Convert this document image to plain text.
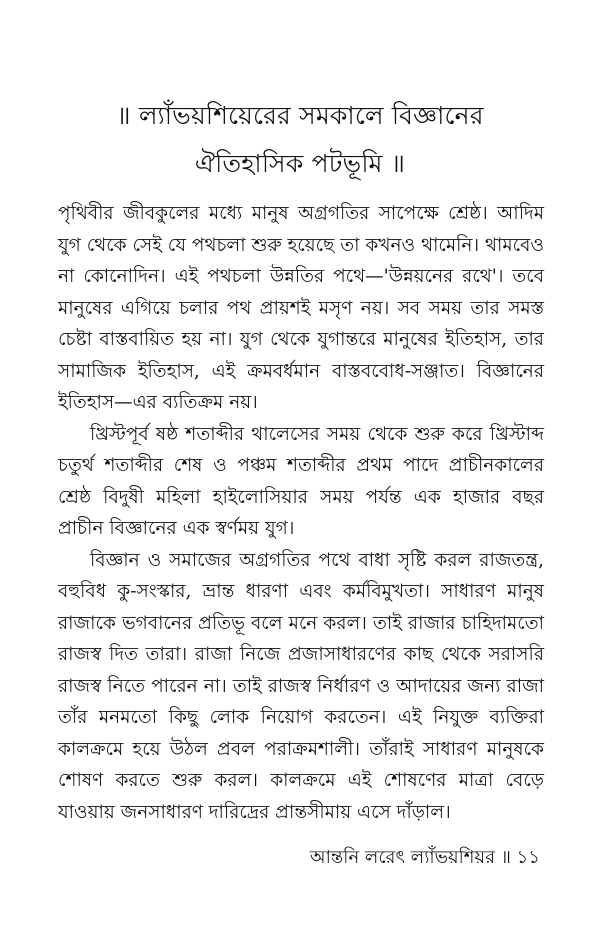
॥ ল্যাঁভয়শিয়েরের সমকালে বিজ্ঞানের
ঐতিহাসিক পটভূমি ॥

পৃথিবীর জীবকুলের মধ্যে মানুষ অগ্রগতির সাপেক্ষে শ্রেষ্ঠ। আদিম যুগ থেকে সেই যে পথচলা শুরু হয়েছে তা কখনও থামেনি। থামবেও না কোনোদিন। এই পথচলা উন্নতির পথে—'উন্নয়নের রথে'। তবে মানুষের এগিয়ে চলার পথ প্রায়শই মসৃণ নয়। সব সময় তার সমস্ত চেষ্টা বাস্তবায়িত হয় না। যুগ থেকে যুগান্তরে মানুষের ইতিহাস, তার সামাজিক ইতিহাস, এই ক্রমবর্ধমান বাস্তববোধ-সঞ্জাত। বিজ্ঞানের ইতিহাস—এর ব্যতিক্রম নয়।

খ্রিস্টপূর্ব ষষ্ঠ শতাব্দীর থালেসের সময় থেকে শুরু করে খ্রিস্টাব্দ চতুর্থ শতাব্দীর শেষ ও পঞ্চম শতাব্দীর প্রথম পাদে প্রাচীনকালের শ্রেষ্ঠ বিদুষী মহিলা হাইলোসিয়ার সময় পর্যন্ত এক হাজার বছর প্রাচীন বিজ্ঞানের এক স্বর্ণময় যুগ।

বিজ্ঞান ও সমাজের অগ্রগতির পথে বাধা সৃষ্টি করল রাজতন্ত্র, বহুবিধ কু-সংস্কার, ভ্রান্ত ধারণা এবং কর্মবিমুখতা। সাধারণ মানুষ রাজাকে ভগবানের প্রতিভূ বলে মনে করল। তাই রাজার চাহিদামতো রাজস্ব দিত তারা। রাজা নিজে প্রজাসাধারণের কাছ থেকে সরাসরি রাজস্ব নিতে পারেন না। তাই রাজস্ব নির্ধারণ ও আদায়ের জন্য রাজা তাঁর মনমতো কিছু লোক নিয়োগ করতেন। এই নিযুক্ত ব্যক্তিরা কালক্রমে হয়ে উঠল প্রবল পরাক্রমশালী। তাঁরাই সাধারণ মানুষকে শোষণ করতে শুরু করল। কালক্রমে এই শোষণের মাত্রা বেড়ে যাওয়ায় জনসাধারণ দারিদ্রের প্রান্তসীমায় এসে দাঁড়াল।

আন্তনি লরেৎ ল্যাঁভয়শিয়র ॥ ১১
